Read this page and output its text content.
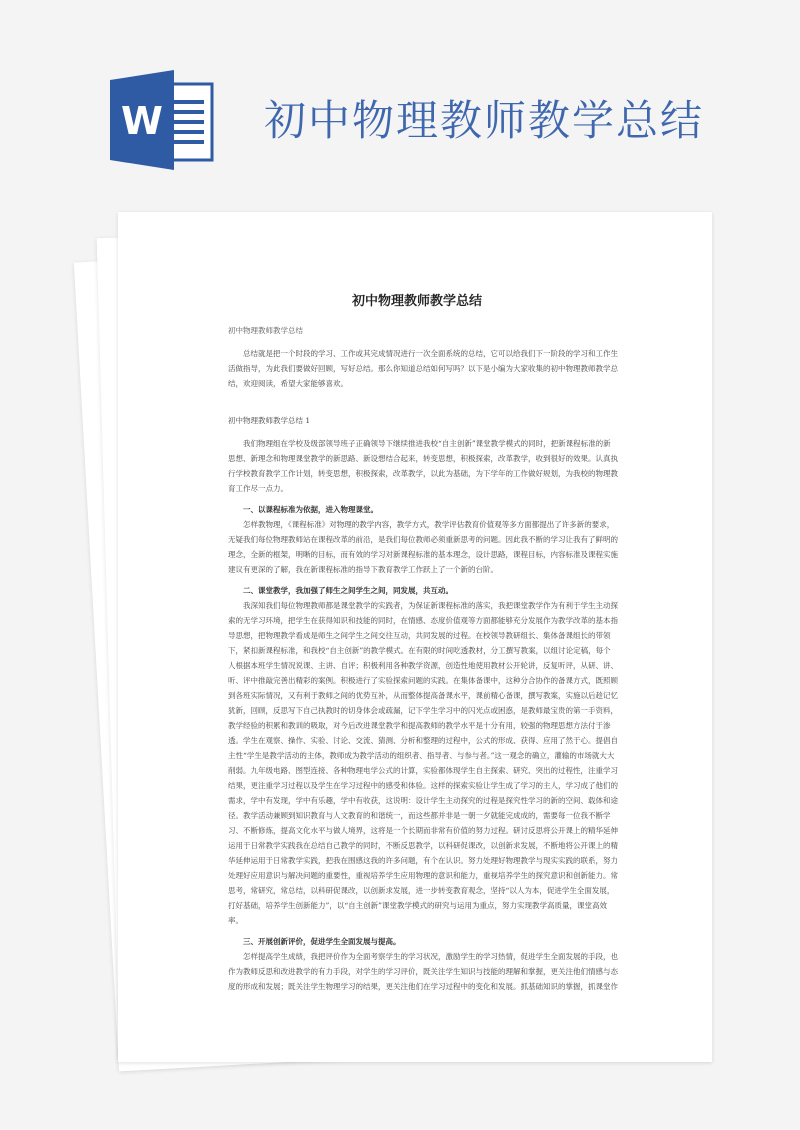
W 初中物理教师教学总结
初中物理教师教学总结

初中物理教师教学总结

总结就是把一个时段的学习、工作或其完成情况进行一次全面系统的总结，它可以给我们下一阶段的学习和工作生活做指导，为此我们要做好回顾，写好总结。那么你知道总结如何写吗？以下是小编为大家收集的初中物理教师教学总结，欢迎阅读，希望大家能够喜欢。

初中物理教师教学总结 1

我们物理组在学校及级部领导班子正确领导下继续推进我校“自主创新”课堂教学模式的同时，把新课程标准的新思想、新理念和物理课堂教学的新思路、新设想结合起来，转变思想，积极探索，改革教学，收到很好的效果。认真执行学校教育教学工作计划，转变思想，积极探索，改革教学，以此为基础，为下学年的工作做好规划，为我校的物理教育工作尽一点力。

一、以课程标准为依据，进入物理课堂。

怎样教物理，《课程标准》对物理的教学内容，教学方式，教学评估教育价值观等多方面都提出了许多新的要求，无疑我们每位物理教师站在课程改革的前沿，是我们每位教师必须重新思考的问题。因此我不断的学习让我有了鲜明的理念，全新的框架，明晰的目标，而有效的学习对新课程标准的基本理念，设计思路，课程目标，内容标准及课程实施建议有更深的了解，我在新课程标准的指导下教育教学工作跃上了一个新的台阶。

二、课堂教学，我加强了师生之间学生之间，同发展，共互动。

我深知我们每位物理教师都是课堂教学的实践者，为保证新课程标准的落实，我把课堂教学作为有利于学生主动探索的无学习环境，把学生在获得知识和技能的同时，在情感、态度价值观等方面都能够充分发展作为教学改革的基本指导思想，把物理教学看成是师生之间学生之间交往互动，共同发展的过程。在校领导教研组长、集体备课组长的带领下，紧扣新课程标准，和我校“自主创新”的教学模式。在有限的时间吃透教材，分工撰写教案，以组讨论定稿，每个人根据本班学生情况说课、主讲、自评；积极利用各种教学资源，创造性地使用教材公开轮讲，反复听评，从研、讲、听、评中推敲完善出精彩的案例。积极进行了实验探索问题的实践。在集体备课中，这种分合协作的备课方式，既照顾到各班实际情况，又有利于教师之间的优势互补，从而整体提高备课水平，课前精心备课，撰写教案，实施以后趁记忆犹新，回顾，反思写下自己执教时的切身体会或疏漏，记下学生学习中的闪光点或困惑，是教师最宝贵的第一手资料，教学经验的积累和教训的吸取，对今后改进课堂教学和提高教师的教学水平是十分有用，较强的物理思想方法付于渗透。学生在观察、操作、实验、讨论、交流、猜测、分析和整理的过程中，公式的形成、获得、应用了然于心。提倡自主性“学生是教学活动的主体，教师成为教学活动的组织者、指导者、与参与者。”这一观念的确立，灌输的市场就大大削弱。九年级电路、图型连接、各种物理电学公式的计算，实验都体现学生自主探索、研究、突出的过程性，注重学习结果，更注重学习过程以及学生在学习过程中的感受和体验。这样的探索实验让学生成了学习的主人，学习成了他们的需求，学中有发现，学中有乐趣，学中有收获，这说明：设计学生主动探究的过程是探究性学习的新的空间、载体和途径。教学活动兼顾到知识教育与人文教育的和谐统一，而这些都并非是一朝一夕就能完成成的，需要每一位我不断学习、不断修炼，提高文化水平与做人境界，这将是一个长期而非常有价值的努力过程。研讨反思将公开课上的精华延伸运用于日常教学实践我在总结自己教学的同时，不断反思教学，以科研促课改，以创新求发展，不断地将公开课上的精华延伸运用于日常教学实践，把我在围感这我的许多问题，有个在认识。努力处理好物理教学与现实实践的联系，努力处理好应用意识与解决问题的重要性，重视培养学生应用物理的意识和能力，重视培养学生的探究意识和创新能力。常思考，常研究，常总结，以科研促课改，以创新求发展，进一步转变教育观念，坚持“以人为本，促进学生全面发展，打好基础，培养学生创新能力”，以“自主创新”课堂教学模式的研究与运用为重点，努力实现教学高质量，课堂高效率。

三、开展创新评价，促进学生全面发展与提高。

怎样提高学生成绩，我把评价作为全面考察学生的学习状况，激励学生的学习热情，促进学生全面发展的手段，也作为教师反思和改进教学的有力手段，对学生的学习评价，既关注学生知识与技能的理解和掌握，更关注他们情感与态度的形成和发展；既关注学生物理学习的结果，更关注他们在学习过程中的变化和发展。抓基础知识的掌握，抓课堂作
